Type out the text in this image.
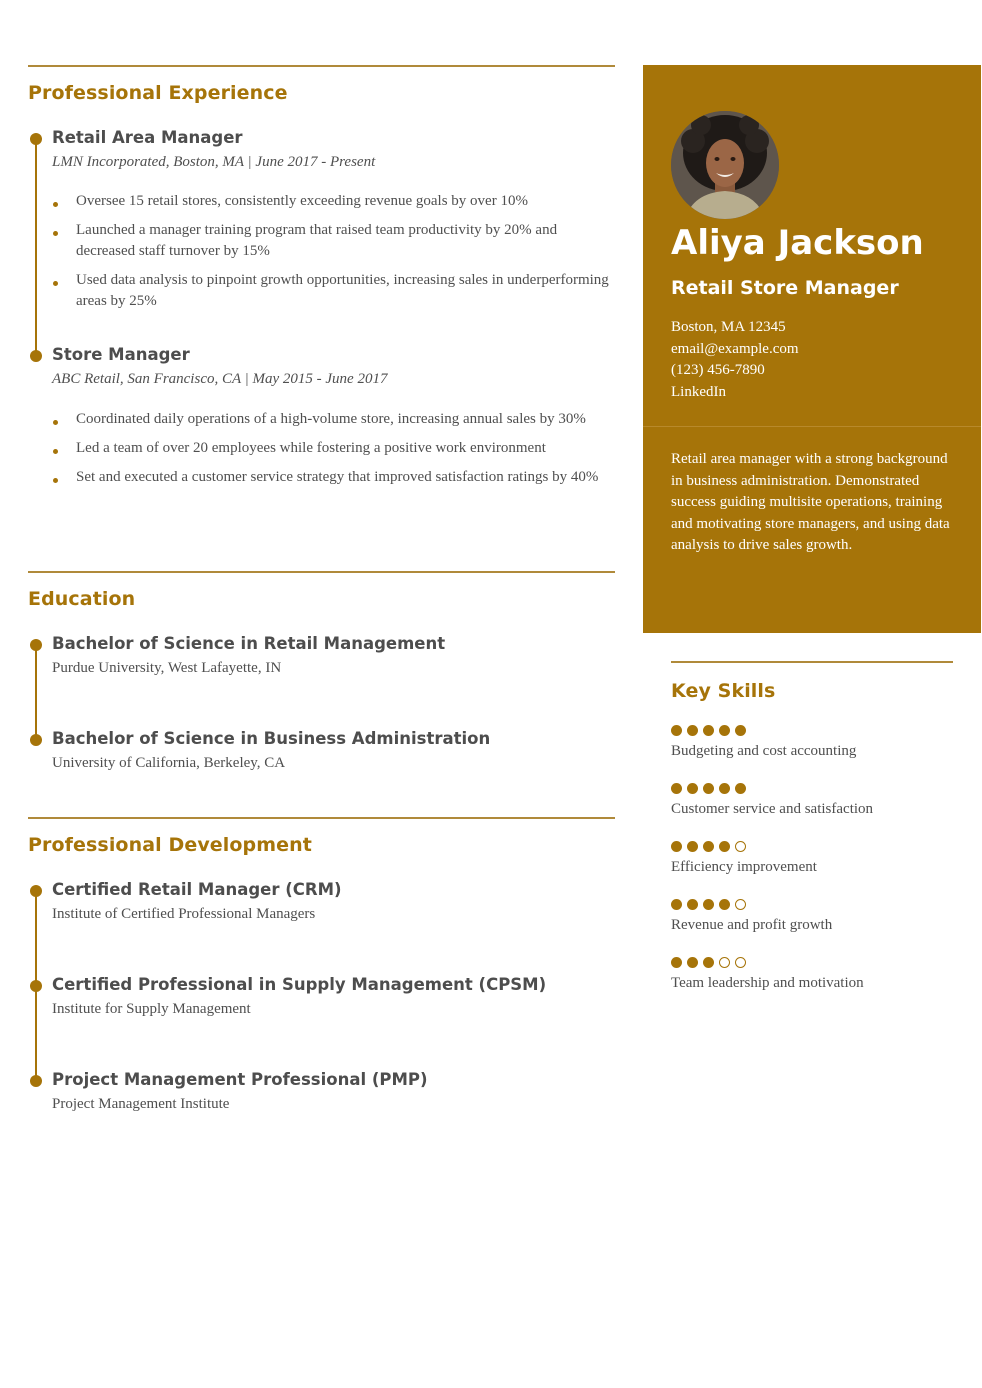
Professional Experience
Retail Area Manager
LMN Incorporated, Boston, MA | June 2017 - Present
Oversee 15 retail stores, consistently exceeding revenue goals by over 10%
Launched a manager training program that raised team productivity by 20% and decreased staff turnover by 15%
Used data analysis to pinpoint growth opportunities, increasing sales in underperforming areas by 25%
Store Manager
ABC Retail, San Francisco, CA | May 2015 - June 2017
Coordinated daily operations of a high-volume store, increasing annual sales by 30%
Led a team of over 20 employees while fostering a positive work environment
Set and executed a customer service strategy that improved satisfaction ratings by 40%
Education
Bachelor of Science in Retail Management
Purdue University, West Lafayette, IN
Bachelor of Science in Business Administration
University of California, Berkeley, CA
Professional Development
Certified Retail Manager (CRM)
Institute of Certified Professional Managers
Certified Professional in Supply Management (CPSM)
Institute for Supply Management
Project Management Professional (PMP)
Project Management Institute
Aliya Jackson
Retail Store Manager
Boston, MA 12345
email@example.com
(123) 456-7890
LinkedIn
Retail area manager with a strong background in business administration. Demonstrated success guiding multisite operations, training and motivating store managers, and using data analysis to drive sales growth.
Key Skills
Budgeting and cost accounting
Customer service and satisfaction
Efficiency improvement
Revenue and profit growth
Team leadership and motivation
